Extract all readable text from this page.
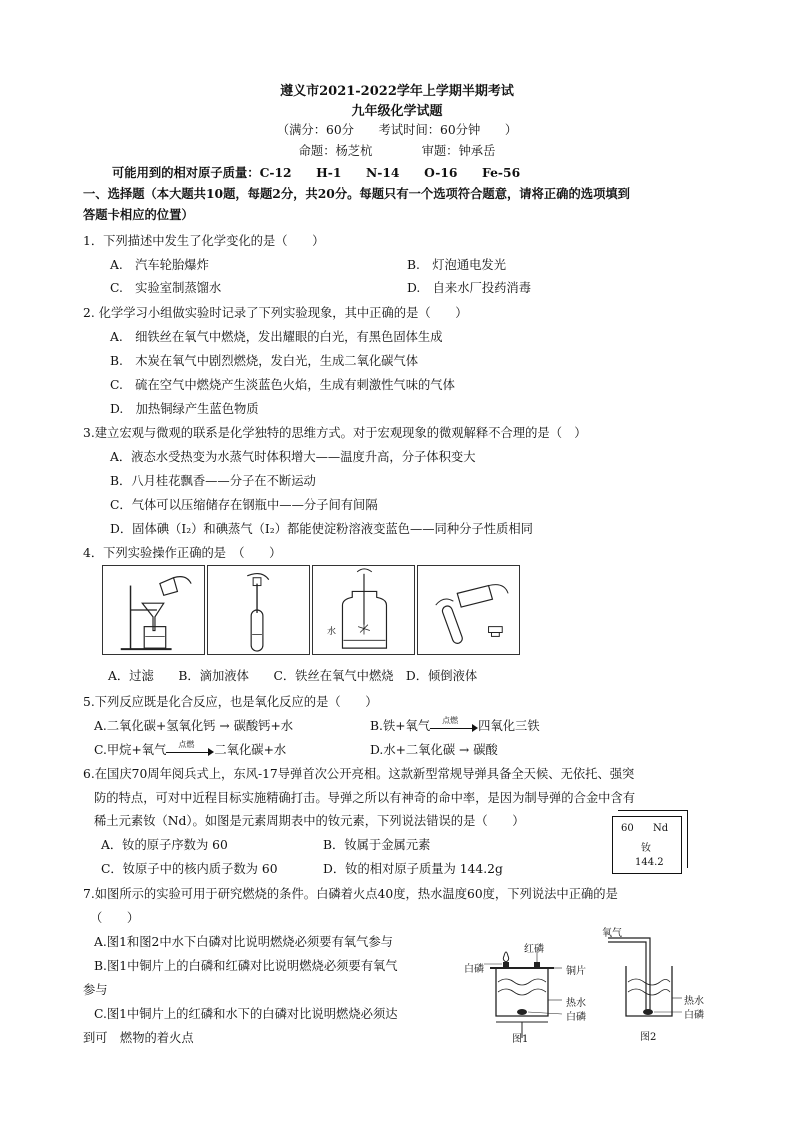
遵义市2021-2022学年上学期半期考试
九年级化学试题
（满分：60分　　考试时间：60分钟　　）
命题：杨芝杭　　　　审题：钟承岳
可能用到的相对原子质量：C-12　　H-1　　N-14　　O-16　　Fe-56
一、选择题（本大题共10题，每题2分，共20分。每题只有一个选项符合题意，请将正确的选项填到
答题卡相应的位置）
1．下列描述中发生了化学变化的是（　　）
A.　汽车轮胎爆炸	B.　灯泡通电发光
C.　实验室制蒸馏水	D.　自来水厂投药消毒
2. 化学学习小组做实验时记录了下列实验现象，其中正确的是（　　）
A.　细铁丝在氧气中燃烧，发出耀眼的白光，有黑色固体生成
B.　木炭在氧气中剧烈燃烧，发白光，生成二氧化碳气体
C.　硫在空气中燃烧产生淡蓝色火焰，生成有刺激性气味的气体
D.　加热铜绿产生蓝色物质
3.建立宏观与微观的联系是化学独特的思维方式。对于宏观现象的微观解释不合理的是（　）
A．液态水受热变为水蒸气时体积增大——温度升高，分子体积变大
B．八月桂花飘香——分子在不断运动
C．气体可以压缩储存在钢瓶中——分子间有间隔
D．固体碘（I₂）和碘蒸气（I₂）都能使淀粉溶液变蓝色——同种分子性质相同
4．下列实验操作正确的是　（　　）
水
A．过滤　　B．滴加液体　　C．铁丝在氧气中燃烧　D．倾倒液体
5.下列反应既是化合反应，也是氧化反应的是（　　）
A.二氧化碳+氢氧化钙 → 碳酸钙+水	B.铁+氧气 点燃 四氧化三铁
C.甲烷+氧气 点燃 二氧化碳+水	D.水+二氧化碳 → 碳酸
6.在国庆70周年阅兵式上，东风-17导弹首次公开亮相。这款新型常规导弹具备全天候、无依托、强突
防的特点，可对中近程目标实施精确打击。导弹之所以有神奇的命中率，是因为制导弹的合金中含有
稀土元素钕（Nd）。如图是元素周期表中的钕元素，下列说法错误的是（　　）
A．钕的原子序数为 60	B．钕属于金属元素
C．钕原子中的核内质子数为 60	D．钕的相对原子质量为 144.2g
60 Nd
钕
144.2
7.如图所示的实验可用于研究燃烧的条件。白磷着火点40度，热水温度60度，下列说法中正确的是
（　　）
A.图1和图2中水下白磷对比说明燃烧必须要有氧气参与
B.图1中铜片上的白磷和红磷对比说明燃烧必须要有氧气
参与
C.图1中铜片上的红磷和水下的白磷对比说明燃烧必须达
到可　燃物的着火点
红磷
白磷	铜片
热水
白磷
图1
氧气
热水
白磷
图2
